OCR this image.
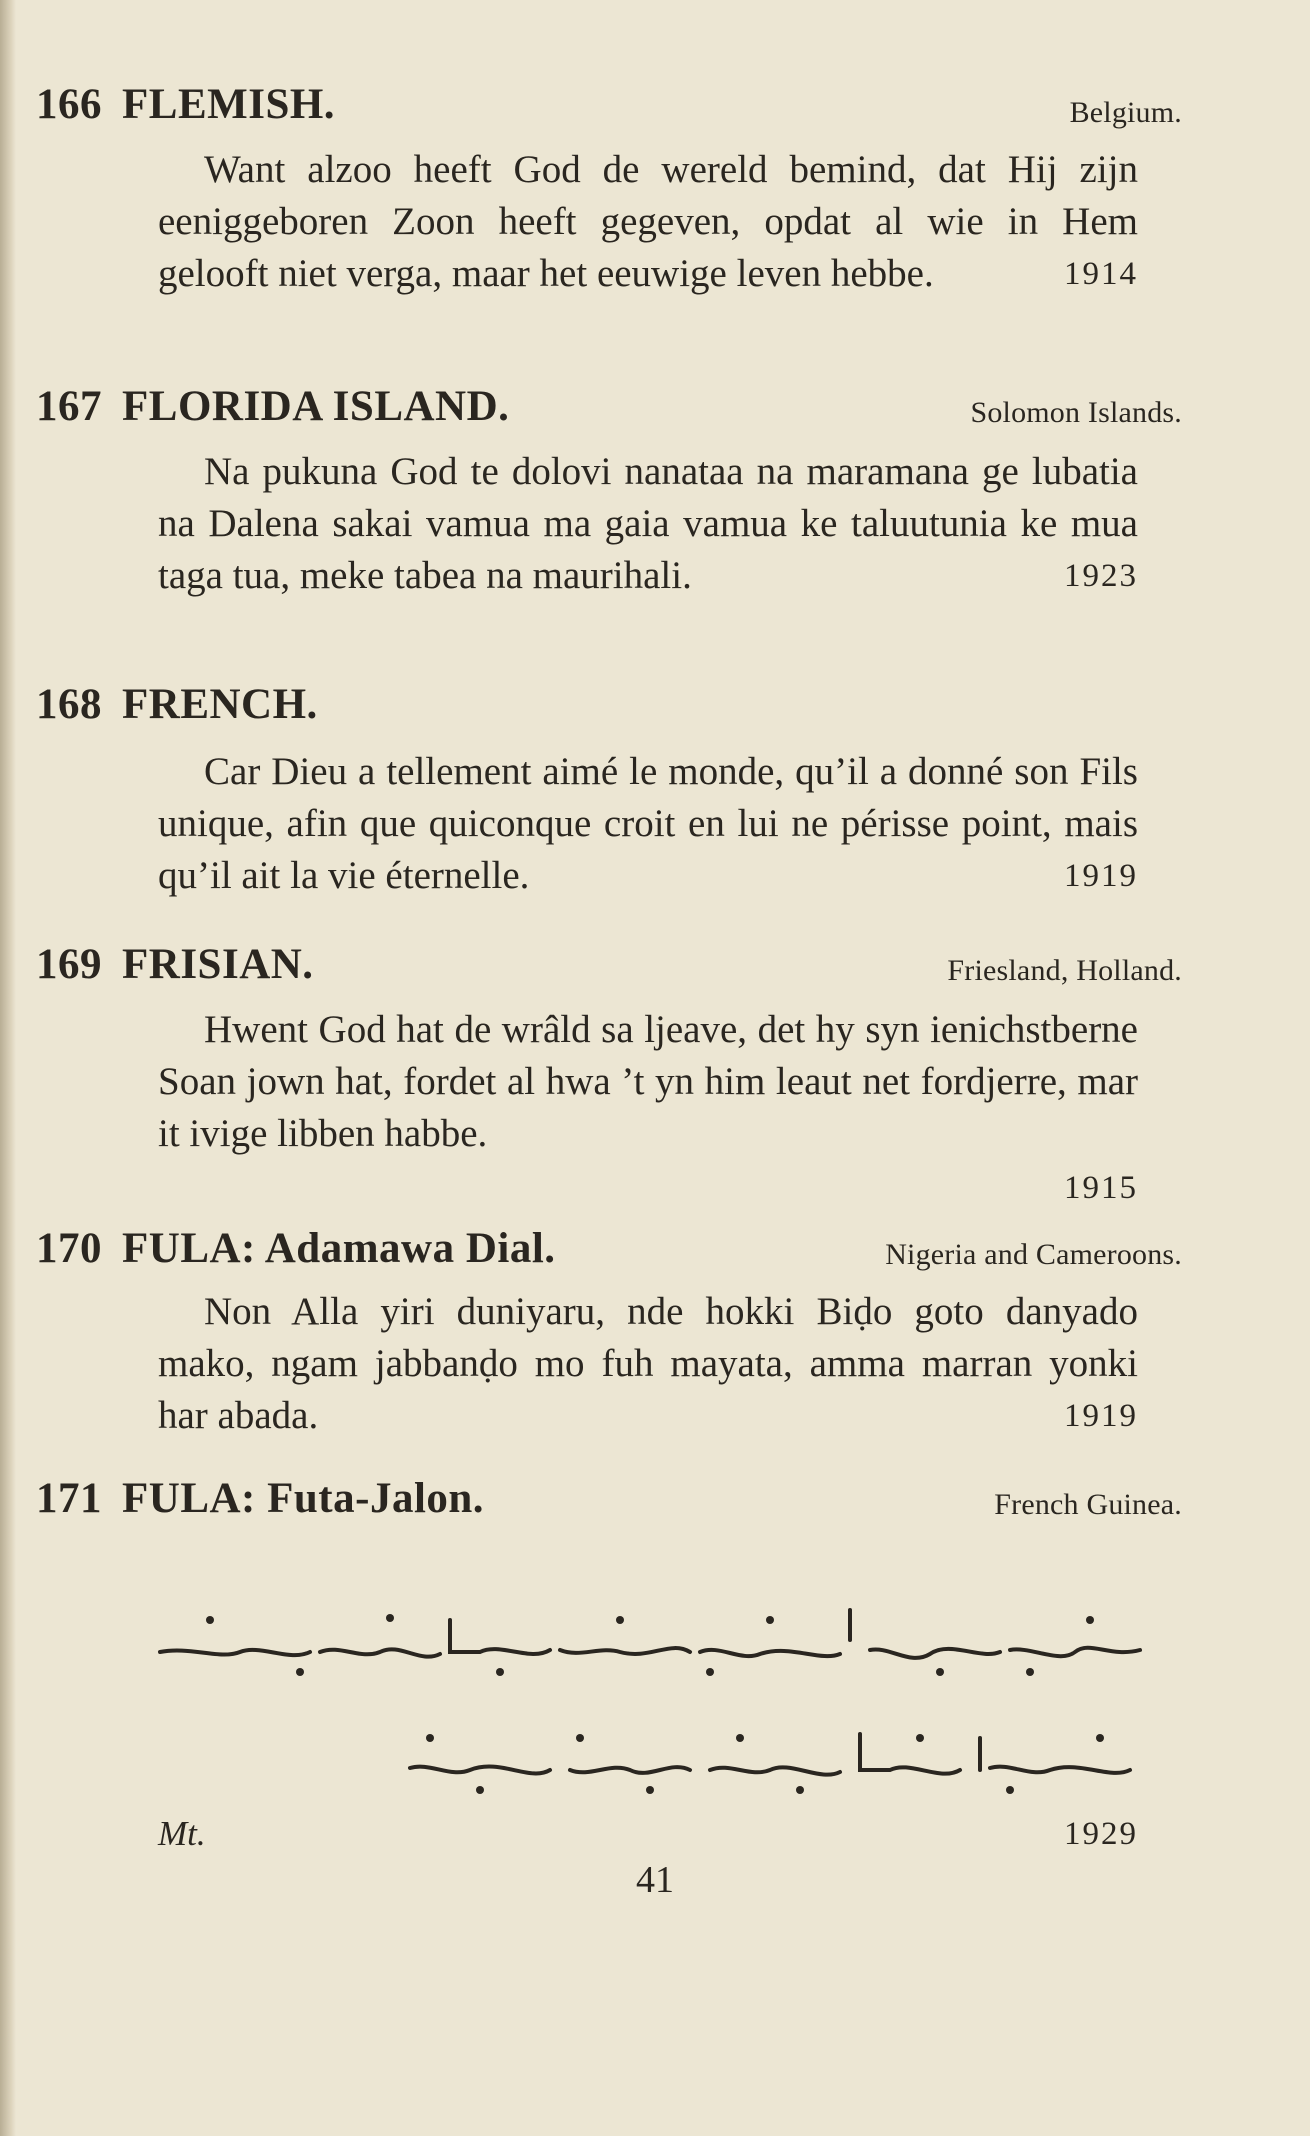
166 FLEMISH.	Belgium.
Want alzoo heeft God de wereld bemind, dat Hij zijn eeniggeboren Zoon heeft gegeven, opdat al wie in Hem gelooft niet verga, maar het eeuwige leven hebbe.	1914
167 FLORIDA ISLAND.	Solomon Islands.
Na pukuna God te dolovi nanataa na maramana ge lubatia na Dalena sakai vamua ma gaia vamua ke taluutunia ke mua taga tua, meke tabea na maurihali.	1923
168 FRENCH.
Car Dieu a tellement aimé le monde, qu’il a donné son Fils unique, afin que quiconque croit en lui ne périsse point, mais qu’il ait la vie éternelle.	1919
169 FRISIAN.	Friesland, Holland.
Hwent God hat de wrâld sa ljeave, det hy syn ienichstberne Soan jown hat, fordet al hwa ’t yn him leaut net fordjerre, mar it ivige libben habbe.
1915
170 FULA: Adamawa Dial.	Nigeria and Cameroons.
Non Alla yiri duniyaru, nde hokki Biḍo goto danyado mako, ngam jabbanḍo mo fuh mayata, amma marran yonki har abada.	1919
171 FULA: Futa-Jalon.	French Guinea.
Mt.	1929
41
